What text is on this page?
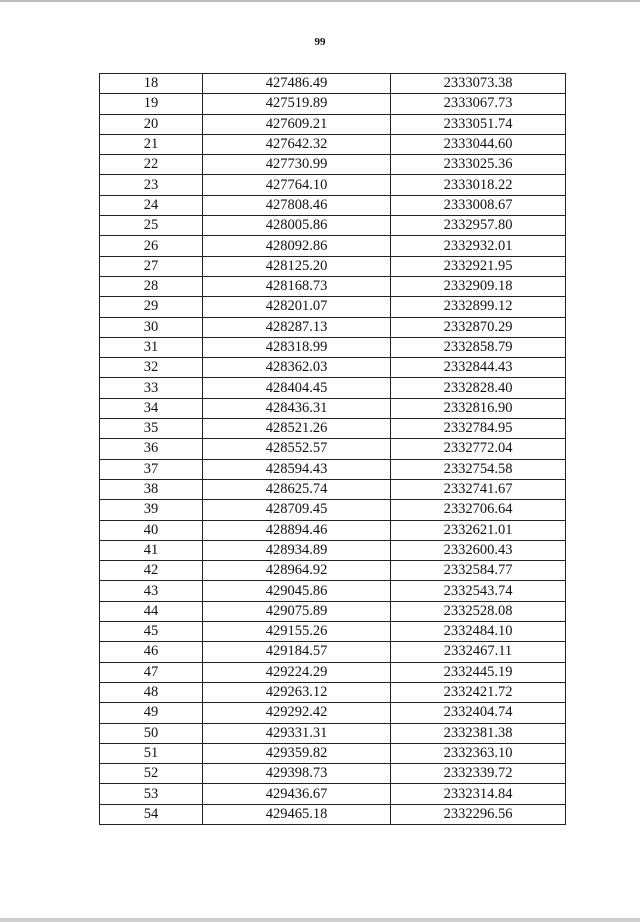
99
18	427486.49	2333073.38
19	427519.89	2333067.73
20	427609.21	2333051.74
21	427642.32	2333044.60
22	427730.99	2333025.36
23	427764.10	2333018.22
24	427808.46	2333008.67
25	428005.86	2332957.80
26	428092.86	2332932.01
27	428125.20	2332921.95
28	428168.73	2332909.18
29	428201.07	2332899.12
30	428287.13	2332870.29
31	428318.99	2332858.79
32	428362.03	2332844.43
33	428404.45	2332828.40
34	428436.31	2332816.90
35	428521.26	2332784.95
36	428552.57	2332772.04
37	428594.43	2332754.58
38	428625.74	2332741.67
39	428709.45	2332706.64
40	428894.46	2332621.01
41	428934.89	2332600.43
42	428964.92	2332584.77
43	429045.86	2332543.74
44	429075.89	2332528.08
45	429155.26	2332484.10
46	429184.57	2332467.11
47	429224.29	2332445.19
48	429263.12	2332421.72
49	429292.42	2332404.74
50	429331.31	2332381.38
51	429359.82	2332363.10
52	429398.73	2332339.72
53	429436.67	2332314.84
54	429465.18	2332296.56
